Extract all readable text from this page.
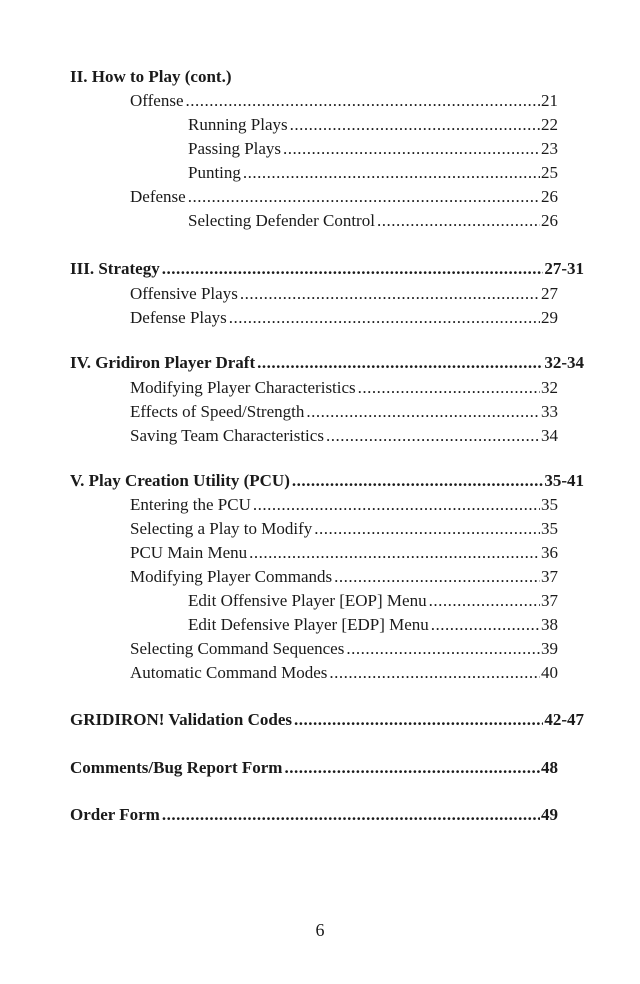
II. How to Play (cont.)
Offense .....	21
Running Plays .....	22
Passing Plays .....	23
Punting .....	25
Defense .....	26
Selecting Defender Control .....	26
III. Strategy .....	27-31
Offensive Plays .....	27
Defense Plays .....	29
IV. Gridiron Player Draft .....	32-34
Modifying Player Characteristics .....	32
Effects of Speed/Strength .....	33
Saving Team Characteristics .....	34
V. Play Creation Utility (PCU) .....	35-41
Entering the PCU .....	35
Selecting a Play to Modify .....	35
PCU Main Menu .....	36
Modifying Player Commands .....	37
Edit Offensive Player [EOP] Menu .....	37
Edit Defensive Player [EDP] Menu .....	38
Selecting Command Sequences .....	39
Automatic Command Modes .....	40
GRIDIRON! Validation Codes .....	42-47
Comments/Bug Report Form .....	48
Order Form .....	49
6
